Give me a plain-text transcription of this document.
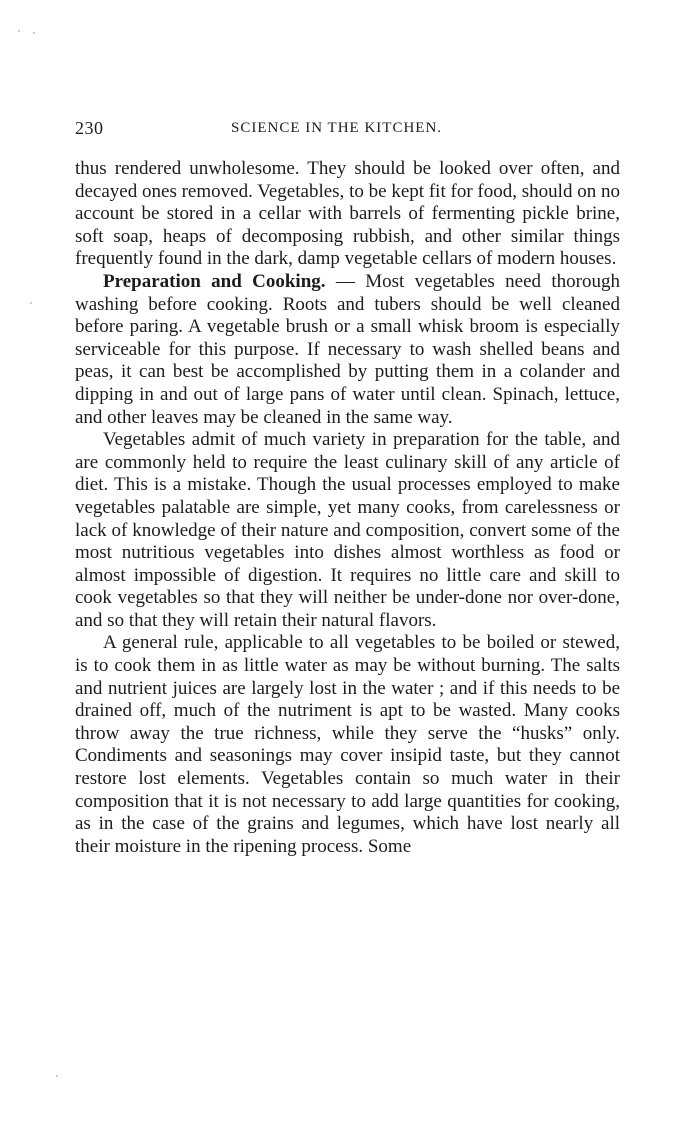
230	SCIENCE IN THE KITCHEN.

thus rendered unwholesome. They should be looked over often, and decayed ones removed. Vegetables, to be kept fit for food, should on no account be stored in a cellar with barrels of fermenting pickle brine, soft soap, heaps of decomposing rubbish, and other similar things frequently found in the dark, damp vegetable cellars of modern houses.

Preparation and Cooking. — Most vegetables need thorough washing before cooking. Roots and tubers should be well cleaned before paring. A vegetable brush or a small whisk broom is especially serviceable for this purpose. If necessary to wash shelled beans and peas, it can best be accomplished by putting them in a colander and dipping in and out of large pans of water until clean. Spinach, lettuce, and other leaves may be cleaned in the same way.

Vegetables admit of much variety in preparation for the table, and are commonly held to require the least culinary skill of any article of diet. This is a mistake. Though the usual processes employed to make vegetables palatable are simple, yet many cooks, from carelessness or lack of knowledge of their nature and composition, convert some of the most nutritious vegetables into dishes almost worthless as food or almost impossible of digestion. It requires no little care and skill to cook vegetables so that they will neither be under-done nor over-done, and so that they will retain their natural flavors.

A general rule, applicable to all vegetables to be boiled or stewed, is to cook them in as little water as may be without burning. The salts and nutrient juices are largely lost in the water ; and if this needs to be drained off, much of the nutriment is apt to be wasted. Many cooks throw away the true richness, while they serve the “husks” only. Condiments and seasonings may cover insipid taste, but they cannot restore lost elements. Vegetables contain so much water in their composition that it is not necessary to add large quantities for cooking, as in the case of the grains and legumes, which have lost nearly all their moisture in the ripening process. Some
